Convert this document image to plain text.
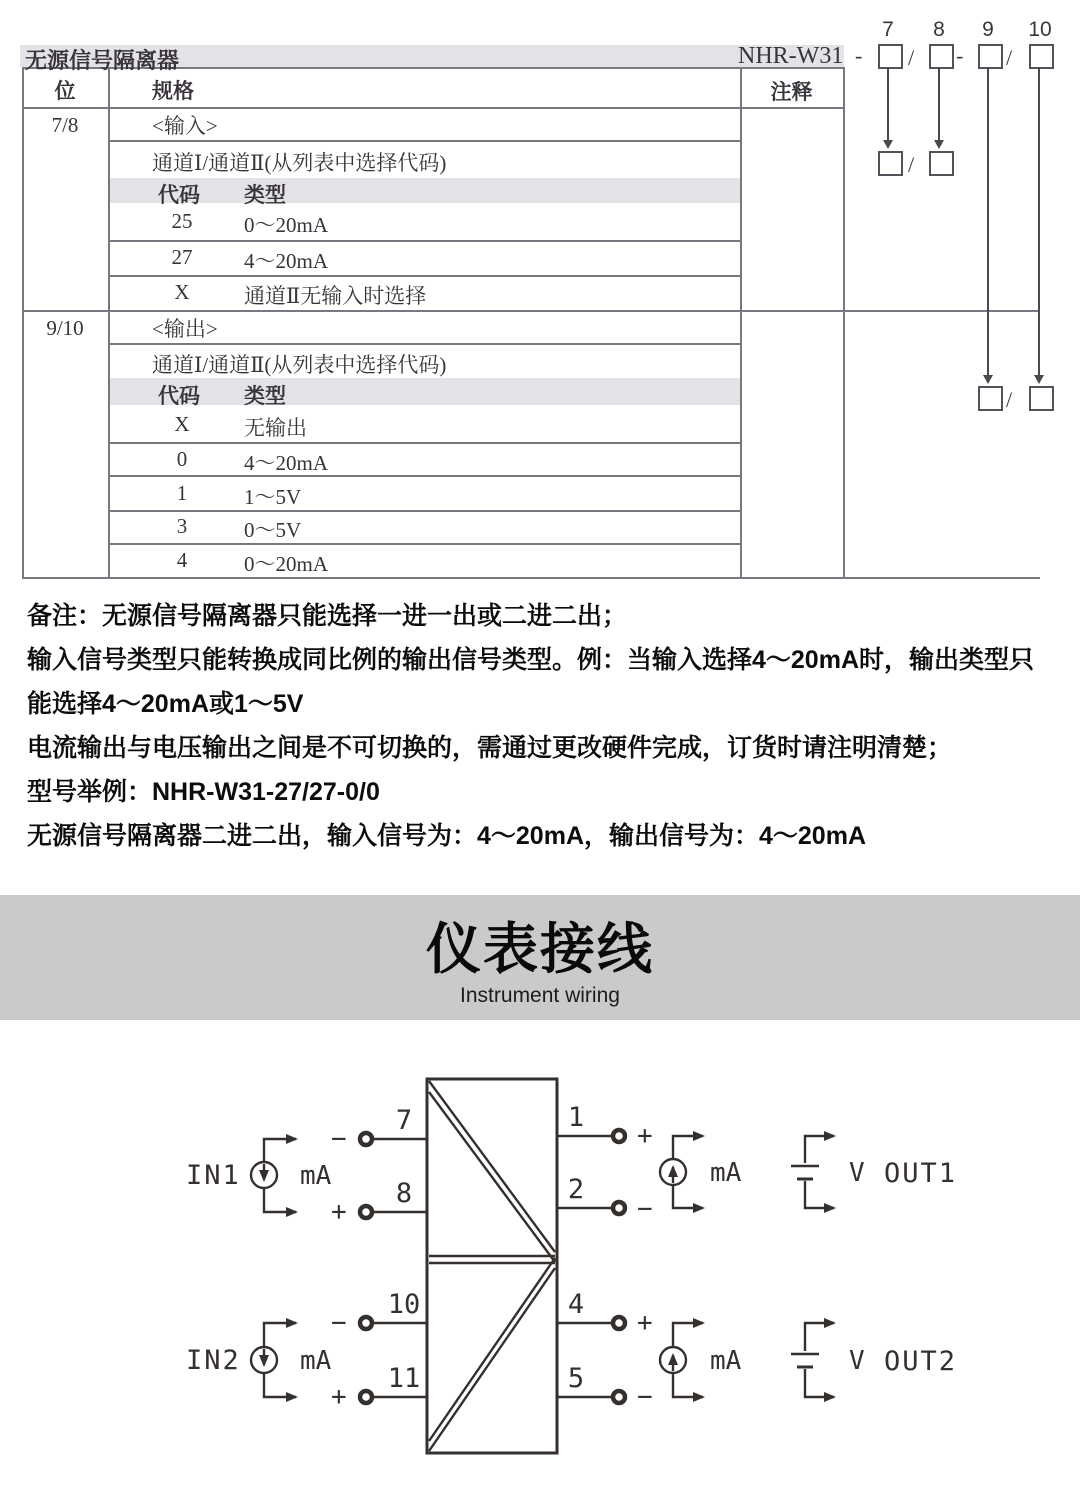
无源信号隔离器	NHR-W31
位	规格	注释
7/8	<输入>
通道Ⅰ/通道Ⅱ(从列表中选择代码)
代码 类型
25	0～20mA
27	4～20mA
X	通道Ⅱ无输入时选择
9/10	<输出>
通道Ⅰ/通道Ⅱ(从列表中选择代码)
代码 类型
X	无输出
0	4～20mA
1	1～5V
3	0～5V
4	0～20mA
7 8 9 10
- / - /
/
/
备注：无源信号隔离器只能选择一进一出或二进二出；
输入信号类型只能转换成同比例的输出信号类型。例：当输入选择4～20mA时，输出类型只
能选择4～20mA或1～5V
电流输出与电压输出之间是不可切换的，需通过更改硬件完成，订货时请注明清楚；
型号举例：NHR-W31-27/27-0/0
无源信号隔离器二进二出，输入信号为：4～20mA，输出信号为：4～20mA
仪表接线
Instrument wiring
IN1
IN2
mA
mA
−
+
−
+
7
8
10
11
1
2
4
5
+
−
+
−
mA
mA
V
V
OUT1
OUT2
